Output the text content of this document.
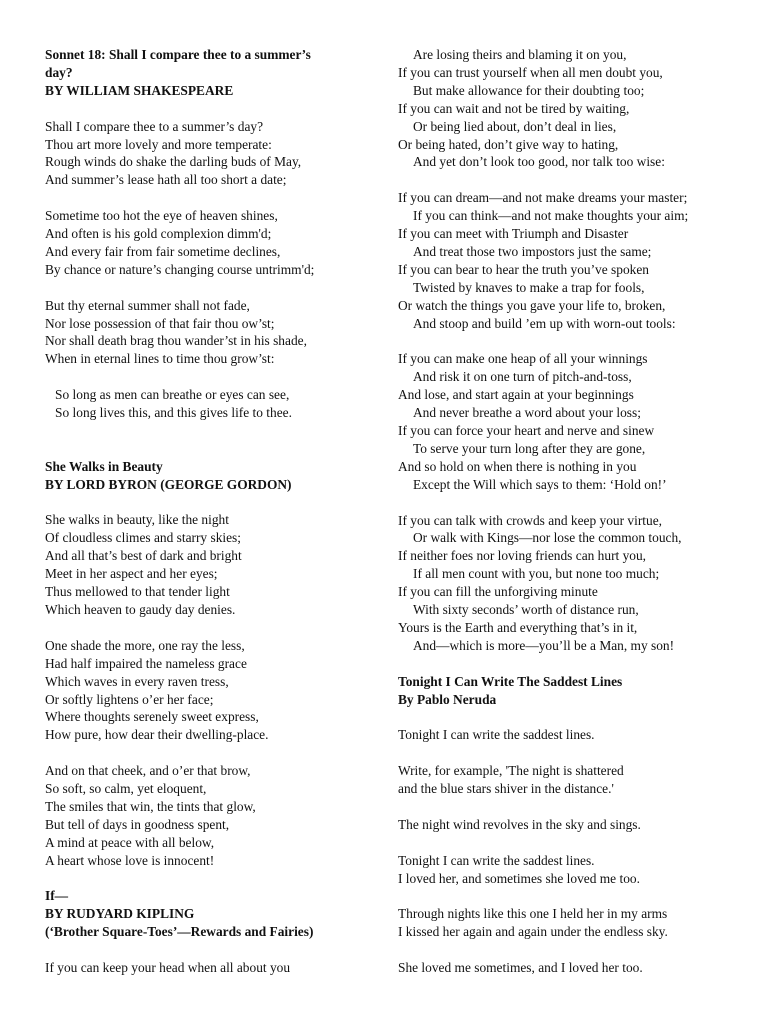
Sonnet 18: Shall I compare thee to a summer’s
day?
BY WILLIAM SHAKESPEARE
Shall I compare thee to a summer’s day?
Thou art more lovely and more temperate:
Rough winds do shake the darling buds of May,
And summer’s lease hath all too short a date;
Sometime too hot the eye of heaven shines,
And often is his gold complexion dimm'd;
And every fair from fair sometime declines,
By chance or nature’s changing course untrimm'd;
But thy eternal summer shall not fade,
Nor lose possession of that fair thou ow’st;
Nor shall death brag thou wander’st in his shade,
When in eternal lines to time thou grow’st:
So long as men can breathe or eyes can see,
So long lives this, and this gives life to thee.
She Walks in Beauty
BY LORD BYRON (GEORGE GORDON)
She walks in beauty, like the night
Of cloudless climes and starry skies;
And all that’s best of dark and bright
Meet in her aspect and her eyes;
Thus mellowed to that tender light
Which heaven to gaudy day denies.
One shade the more, one ray the less,
Had half impaired the nameless grace
Which waves in every raven tress,
Or softly lightens o’er her face;
Where thoughts serenely sweet express,
How pure, how dear their dwelling-place.
And on that cheek, and o’er that brow,
So soft, so calm, yet eloquent,
The smiles that win, the tints that glow,
But tell of days in goodness spent,
A mind at peace with all below,
A heart whose love is innocent!
If—
BY RUDYARD KIPLING
(‘Brother Square-Toes’—Rewards and Fairies)
If you can keep your head when all about you
Are losing theirs and blaming it on you,
If you can trust yourself when all men doubt you,
But make allowance for their doubting too;
If you can wait and not be tired by waiting,
Or being lied about, don’t deal in lies,
Or being hated, don’t give way to hating,
And yet don’t look too good, nor talk too wise:
If you can dream—and not make dreams your master;
If you can think—and not make thoughts your aim;
If you can meet with Triumph and Disaster
And treat those two impostors just the same;
If you can bear to hear the truth you’ve spoken
Twisted by knaves to make a trap for fools,
Or watch the things you gave your life to, broken,
And stoop and build ’em up with worn-out tools:
If you can make one heap of all your winnings
And risk it on one turn of pitch-and-toss,
And lose, and start again at your beginnings
And never breathe a word about your loss;
If you can force your heart and nerve and sinew
To serve your turn long after they are gone,
And so hold on when there is nothing in you
Except the Will which says to them: ‘Hold on!’
If you can talk with crowds and keep your virtue,
Or walk with Kings—nor lose the common touch,
If neither foes nor loving friends can hurt you,
If all men count with you, but none too much;
If you can fill the unforgiving minute
With sixty seconds’ worth of distance run,
Yours is the Earth and everything that’s in it,
And—which is more—you’ll be a Man, my son!
Tonight I Can Write The Saddest Lines
By Pablo Neruda
Tonight I can write the saddest lines.
Write, for example, 'The night is shattered
and the blue stars shiver in the distance.'
The night wind revolves in the sky and sings.
Tonight I can write the saddest lines.
I loved her, and sometimes she loved me too.
Through nights like this one I held her in my arms
I kissed her again and again under the endless sky.
She loved me sometimes, and I loved her too.
